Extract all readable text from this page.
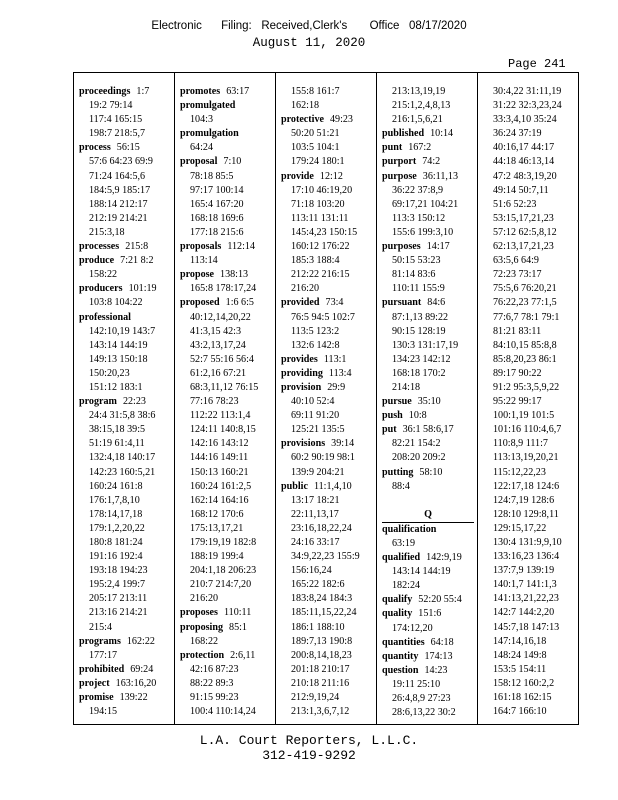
Electronic      Filing:   Received,Clerk's       Office   08/17/2020
August 11, 2020
Page 241
proceedings 1:7
19:2 79:14
117:4 165:15
198:7 218:5,7
process 56:15
57:6 64:23 69:9
71:24 164:5,6
184:5,9 185:17
188:14 212:17
212:19 214:21
215:3,18
processes 215:8
produce 7:21 8:2
158:22
producers 101:19
103:8 104:22
professional
142:10,19 143:7
143:14 144:19
149:13 150:18
150:20,23
151:12 183:1
program 22:23
24:4 31:5,8 38:6
38:15,18 39:5
51:19 61:4,11
132:4,18 140:17
142:23 160:5,21
160:24 161:8
176:1,7,8,10
178:14,17,18
179:1,2,20,22
180:8 181:24
191:16 192:4
193:18 194:23
195:2,4 199:7
205:17 213:11
213:16 214:21
215:4
programs 162:22
177:17
prohibited 69:24
project 163:16,20
promise 139:22
194:15
promotes 63:17
promulgated
104:3
promulgation
64:24
proposal 7:10
78:18 85:5
97:17 100:14
165:4 167:20
168:18 169:6
177:18 215:6
proposals 112:14
113:14
propose 138:13
165:8 178:17,24
proposed 1:6 6:5
40:12,14,20,22
41:3,15 42:3
43:2,13,17,24
52:7 55:16 56:4
61:2,16 67:21
68:3,11,12 76:15
77:16 78:23
112:22 113:1,4
124:11 140:8,15
142:16 143:12
144:16 149:11
150:13 160:21
160:24 161:2,5
162:14 164:16
168:12 170:6
175:13,17,21
179:19,19 182:8
188:19 199:4
204:1,18 206:23
210:7 214:7,20
216:20
proposes 110:11
proposing 85:1
168:22
protection 2:6,11
42:16 87:23
88:22 89:3
91:15 99:23
100:4 110:14,24
155:8 161:7
162:18
protective 49:23
50:20 51:21
103:5 104:1
179:24 180:1
provide 12:12
17:10 46:19,20
71:18 103:20
113:11 131:11
145:4,23 150:15
160:12 176:22
185:3 188:4
212:22 216:15
216:20
provided 73:4
76:5 94:5 102:7
113:5 123:2
132:6 142:8
provides 113:1
providing 113:4
provision 29:9
40:10 52:4
69:11 91:20
125:21 135:5
provisions 39:14
60:2 90:19 98:1
139:9 204:21
public 11:1,4,10
13:17 18:21
22:11,13,17
23:16,18,22,24
24:16 33:17
34:9,22,23 155:9
156:16,24
165:22 182:6
183:8,24 184:3
185:11,15,22,24
186:1 188:10
189:7,13 190:8
200:8,14,18,23
201:18 210:17
210:18 211:16
212:9,19,24
213:1,3,6,7,12
213:13,19,19
215:1,2,4,8,13
216:1,5,6,21
published 10:14
punt 167:2
purport 74:2
purpose 36:11,13
36:22 37:8,9
69:17,21 104:21
113:3 150:12
155:6 199:3,10
purposes 14:17
50:15 53:23
81:14 83:6
110:11 155:9
pursuant 84:6
87:1,13 89:22
90:15 128:19
130:3 131:17,19
134:23 142:12
168:18 170:2
214:18
pursue 35:10
push 10:8
put 36:1 58:6,17
82:21 154:2
208:20 209:2
putting 58:10
88:4
Q
qualification
63:19
qualified 142:9,19
143:14 144:19
182:24
qualify 52:20 55:4
quality 151:6
174:12,20
quantities 64:18
quantity 174:13
question 14:23
19:11 25:10
26:4,8,9 27:23
28:6,13,22 30:2
30:4,22 31:11,19
31:22 32:3,23,24
33:3,4,10 35:24
36:24 37:19
40:16,17 44:17
44:18 46:13,14
47:2 48:3,19,20
49:14 50:7,11
51:6 52:23
53:15,17,21,23
57:12 62:5,8,12
62:13,17,21,23
63:5,6 64:9
72:23 73:17
75:5,6 76:20,21
76:22,23 77:1,5
77:6,7 78:1 79:1
81:21 83:11
84:10,15 85:8,8
85:8,20,23 86:1
89:17 90:22
91:2 95:3,5,9,22
95:22 99:17
100:1,19 101:5
101:16 110:4,6,7
110:8,9 111:7
113:13,19,20,21
115:12,22,23
122:17,18 124:6
124:7,19 128:6
128:10 129:8,11
129:15,17,22
130:4 131:9,9,10
133:16,23 136:4
137:7,9 139:19
140:1,7 141:1,3
141:13,21,22,23
142:7 144:2,20
145:7,18 147:13
147:14,16,18
148:24 149:8
153:5 154:11
158:12 160:2,2
161:18 162:15
164:7 166:10
L.A. Court Reporters, L.L.C.
312-419-9292
